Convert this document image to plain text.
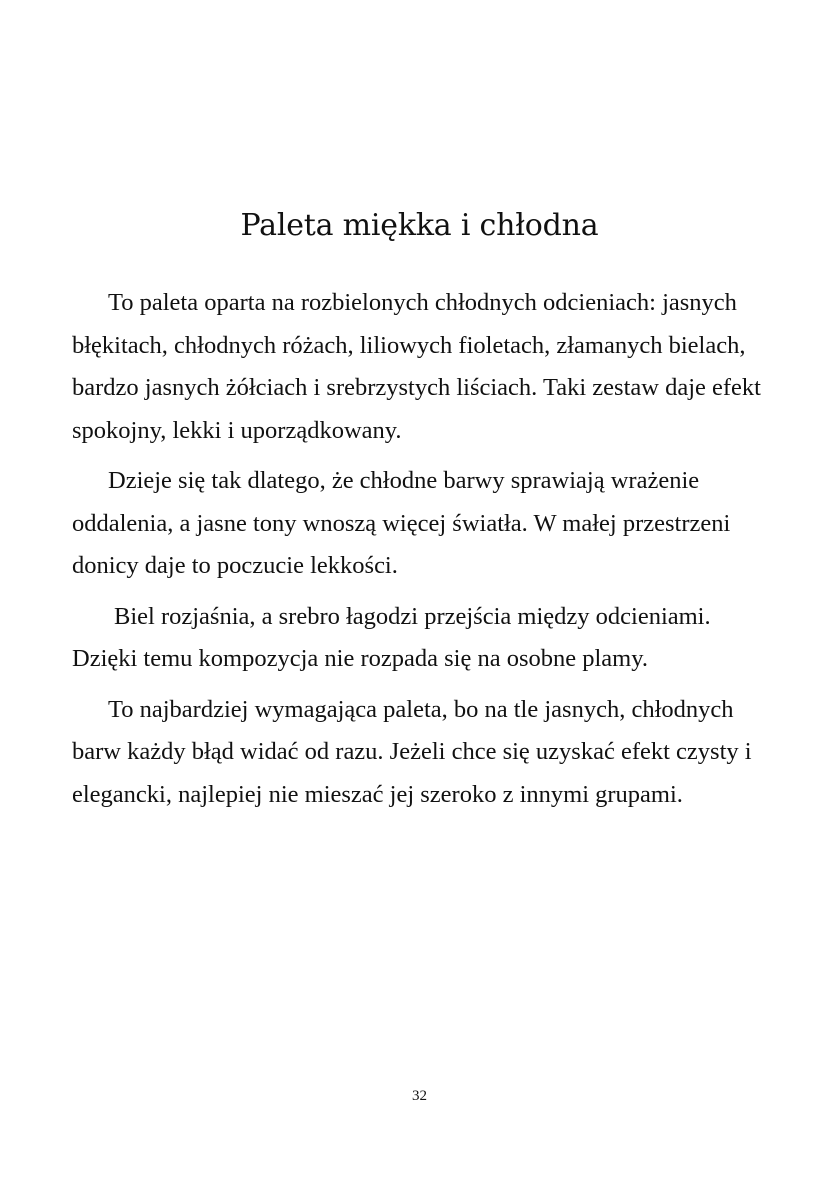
Paleta miękka i chłodna

To paleta oparta na rozbielonych chłodnych odcieniach: jasnych błękitach, chłodnych różach, liliowych fioletach, złamanych bielach, bardzo jasnych żółciach i srebrzystych liściach. Taki zestaw daje efekt spokojny, lekki i uporządkowany.

Dzieje się tak dlatego, że chłodne barwy sprawiają wrażenie oddalenia, a jasne tony wnoszą więcej światła. W małej przestrzeni donicy daje to poczucie lekkości.

Biel rozjaśnia, a srebro łagodzi przejścia między odcieniami. Dzięki temu kompozycja nie rozpada się na osobne plamy.

To najbardziej wymagająca paleta, bo na tle jasnych, chłodnych barw każdy błąd widać od razu. Jeżeli chce się uzyskać efekt czysty i elegancki, najlepiej nie mieszać jej szeroko z innymi grupami.

32
